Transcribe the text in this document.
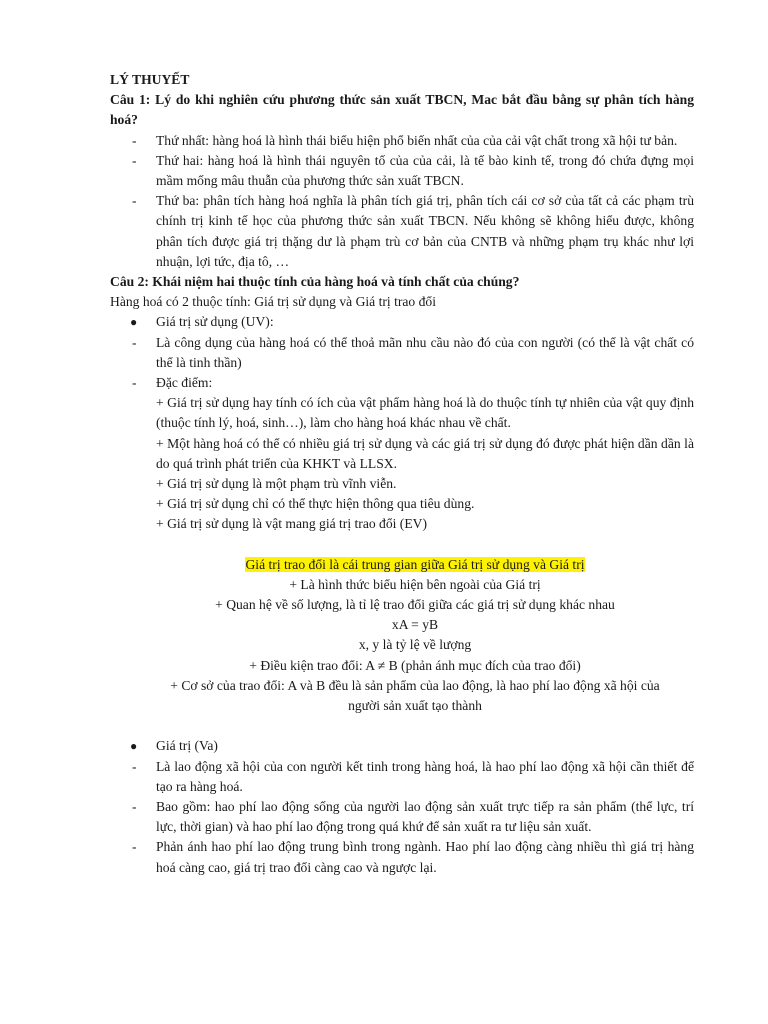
LÝ THUYẾT

Câu 1: Lý do khi nghiên cứu phương thức sản xuất TBCN, Mac bắt đầu bằng sự phân tích hàng hoá?

-	Thứ nhất: hàng hoá là hình thái biểu hiện phổ biến nhất của của cải vật chất trong xã hội tư bản.
-	Thứ hai: hàng hoá là hình thái nguyên tố của của cải, là tế bào kinh tế, trong đó chứa đựng mọi mầm mống mâu thuẫn của phương thức sản xuất TBCN.
-	Thứ ba: phân tích hàng hoá nghĩa là phân tích giá trị, phân tích cái cơ sở của tất cả các phạm trù chính trị kinh tế học của phương thức sản xuất TBCN. Nếu không sẽ không hiểu được, không phân tích được giá trị thặng dư là phạm trù cơ bản của CNTB và những phạm trụ khác như lợi nhuận, lợi tức, địa tô, …

Câu 2: Khái niệm hai thuộc tính của hàng hoá và tính chất của chúng?

Hàng hoá có 2 thuộc tính: Giá trị sử dụng và Giá trị trao đổi

●	Giá trị sử dụng (UV):
-	Là công dụng của hàng hoá có thể thoả mãn nhu cầu nào đó của con người (có thể là vật chất có thể là tinh thần)
-	Đặc điểm:

+ Giá trị sử dụng hay tính có ích của vật phẩm hàng hoá là do thuộc tính tự nhiên của vật quy định (thuộc tính lý, hoá, sinh…), làm cho hàng hoá khác nhau về chất.

+ Một hàng hoá có thể có nhiều giá trị sử dụng và các giá trị sử dụng đó được phát hiện dần dần là do quá trình phát triển của KHKT và LLSX.

+ Giá trị sử dụng là một phạm trù vĩnh viễn.

+ Giá trị sử dụng chỉ có thể thực hiện thông qua tiêu dùng.

+ Giá trị sử dụng là vật mang giá trị trao đổi (EV)

Giá trị trao đổi là cái trung gian giữa Giá trị sử dụng và Giá trị

+ Là hình thức biểu hiện bên ngoài của Giá trị

+ Quan hệ về số lượng, là tỉ lệ trao đổi giữa các giá trị sử dụng khác nhau

xA = yB

x, y là tỷ lệ về lượng

+ Điều kiện trao đổi: A ≠ B (phản ánh mục đích của trao đổi)

+ Cơ sở của trao đổi: A và B đều là sản phẩm của lao động, là hao phí lao động xã hội của người sản xuất tạo thành

●	Giá trị (Va)
-	Là lao động xã hội của con người kết tinh trong hàng hoá, là hao phí lao động xã hội cần thiết để tạo ra hàng hoá.
-	Bao gồm: hao phí lao động sống của người lao động sản xuất trực tiếp ra sản phẩm (thể lực, trí lực, thời gian) và hao phí lao động trong quá khứ để sản xuất ra tư liệu sản xuất.
-	Phản ánh hao phí lao động trung bình trong ngành. Hao phí lao động càng nhiều thì giá trị hàng hoá càng cao, giá trị trao đổi càng cao và ngược lại.
